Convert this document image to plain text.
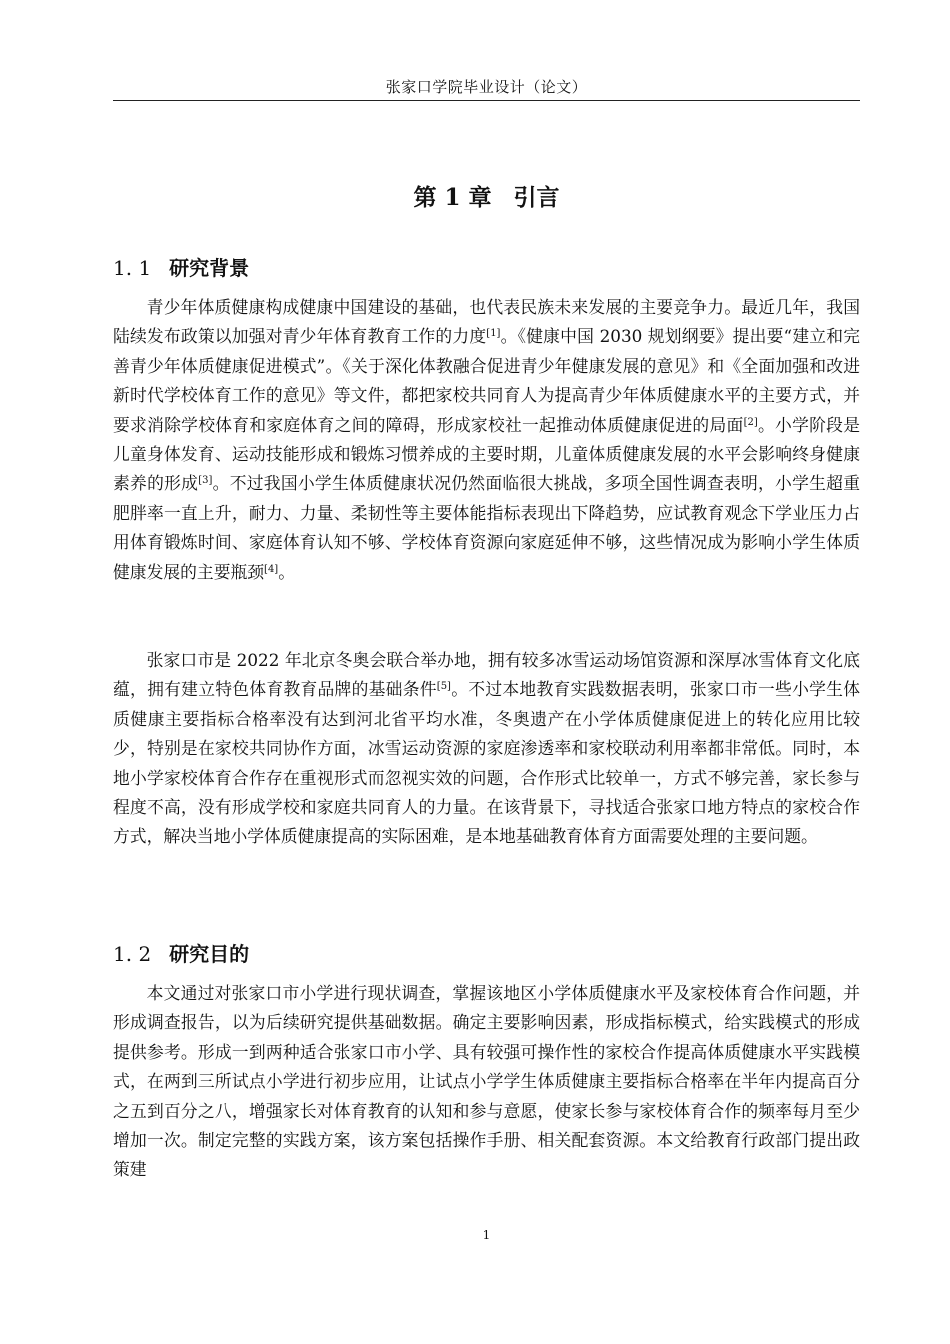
张家口学院毕业设计（论文）
第 1 章 引言
1. 1 研究背景

青少年体质健康构成健康中国建设的基础，也代表民族未来发展的主要竞争力。最近几年，我国陆续发布政策以加强对青少年体育教育工作的力度[1]。《健康中国 2030 规划纲要》提出要“建立和完善青少年体质健康促进模式”。《关于深化体教融合促进青少年健康发展的意见》和《全面加强和改进新时代学校体育工作的意见》等文件，都把家校共同育人为提高青少年体质健康水平的主要方式，并要求消除学校体育和家庭体育之间的障碍，形成家校社一起推动体质健康促进的局面[2]。小学阶段是儿童身体发育、运动技能形成和锻炼习惯养成的主要时期，儿童体质健康发展的水平会影响终身健康素养的形成[3]。不过我国小学生体质健康状况仍然面临很大挑战，多项全国性调查表明，小学生超重肥胖率一直上升，耐力、力量、柔韧性等主要体能指标表现出下降趋势，应试教育观念下学业压力占用体育锻炼时间、家庭体育认知不够、学校体育资源向家庭延伸不够，这些情况成为影响小学生体质健康发展的主要瓶颈[4]。

张家口市是 2022 年北京冬奥会联合举办地，拥有较多冰雪运动场馆资源和深厚冰雪体育文化底蕴，拥有建立特色体育教育品牌的基础条件[5]。不过本地教育实践数据表明，张家口市一些小学生体质健康主要指标合格率没有达到河北省平均水准，冬奥遗产在小学体质健康促进上的转化应用比较少，特别是在家校共同协作方面，冰雪运动资源的家庭渗透率和家校联动利用率都非常低。同时，本地小学家校体育合作存在重视形式而忽视实效的问题，合作形式比较单一，方式不够完善，家长参与程度不高，没有形成学校和家庭共同育人的力量。在该背景下，寻找适合张家口地方特点的家校合作方式，解决当地小学体质健康提高的实际困难，是本地基础教育体育方面需要处理的主要问题。

1. 2 研究目的

本文通过对张家口市小学进行现状调查，掌握该地区小学体质健康水平及家校体育合作问题，并形成调查报告，以为后续研究提供基础数据。确定主要影响因素，形成指标模式，给实践模式的形成提供参考。形成一到两种适合张家口市小学、具有较强可操作性的家校合作提高体质健康水平实践模式，在两到三所试点小学进行初步应用，让试点小学学生体质健康主要指标合格率在半年内提高百分之五到百分之八，增强家长对体育教育的认知和参与意愿，使家长参与家校体育合作的频率每月至少增加一次。制定完整的实践方案，该方案包括操作手册、相关配套资源。本文给教育行政部门提出政策建

1
